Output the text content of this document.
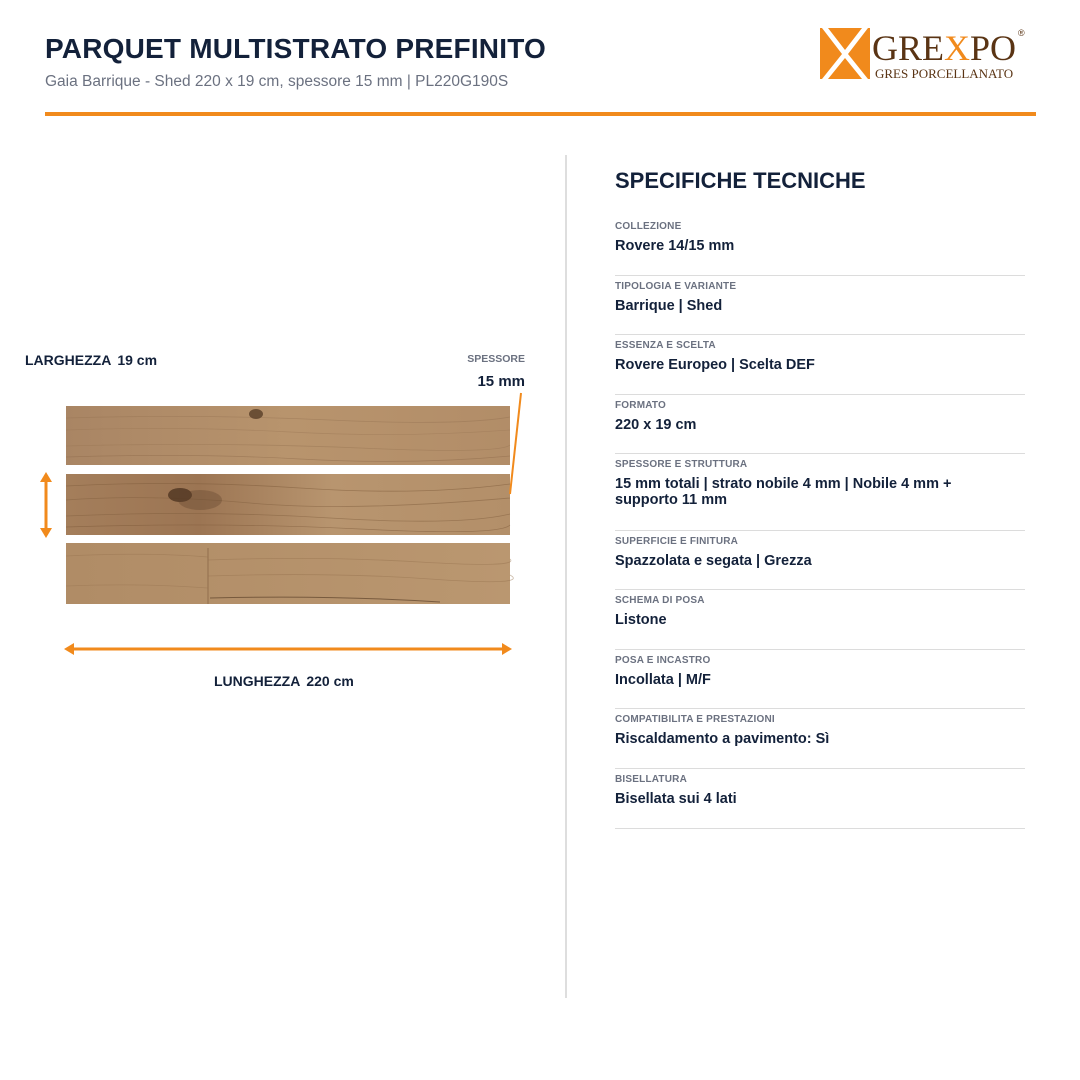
PARQUET MULTISTRATO PREFINITO
Gaia Barrique - Shed 220 x 19 cm, spessore 15 mm | PL220G190S
GRE X PO ®
GRES PORCELLANATO
LARGHEZZA 19 cm	SPESSORE
15 mm
LUNGHEZZA 220 cm
SPECIFICHE TECNICHE
COLLEZIONE
Rovere 14/15 mm
TIPOLOGIA E VARIANTE
Barrique | Shed
ESSENZA E SCELTA
Rovere Europeo | Scelta DEF
FORMATO
220 x 19 cm
SPESSORE E STRUTTURA
15 mm totali | strato nobile 4 mm | Nobile 4 mm + supporto 11 mm
SUPERFICIE E FINITURA
Spazzolata e segata | Grezza
SCHEMA DI POSA
Listone
POSA E INCASTRO
Incollata | M/F
COMPATIBILITA E PRESTAZIONI
Riscaldamento a pavimento: Sì
BISELLATURA
Bisellata sui 4 lati
